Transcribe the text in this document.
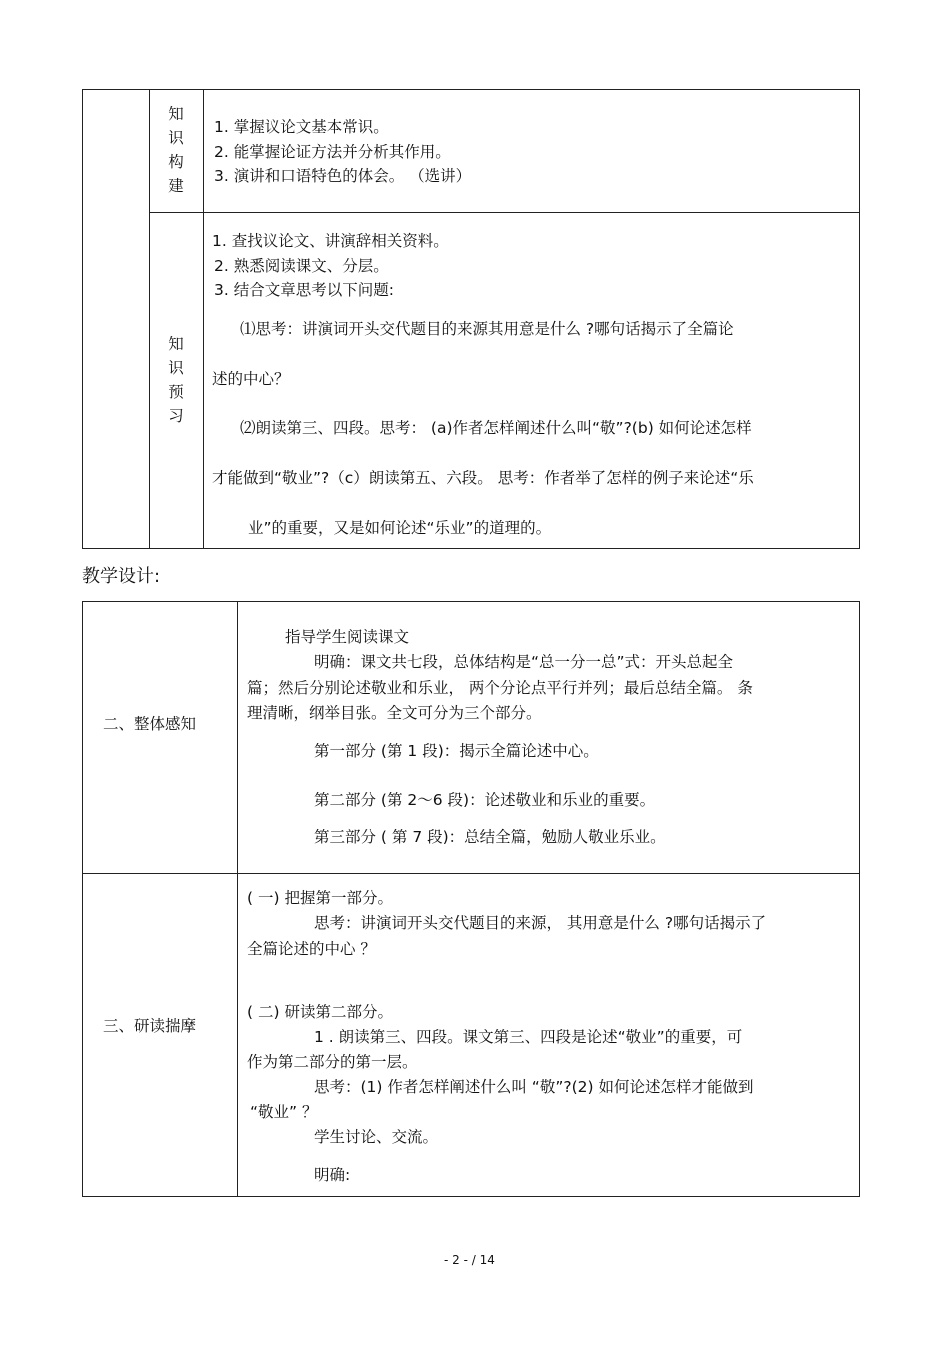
知
识
构
建
1. 掌握议论文基本常识。
2. 能掌握论证方法并分析其作用。
3. 演讲和口语特色的体会。 （选讲）
知
识
预
习
1. 查找议论文、讲演辞相关资料。
2. 熟悉阅读课文、分层。
3. 结合文章思考以下问题:
⑴思考：讲演词开头交代题目的来源其用意是什么 ?哪句话揭示了全篇论
述的中心？
⑵朗读第三、四段。思考： (a)作者怎样阐述什么叫“敬”?(b) 如何论述怎样
才能做到“敬业”?（c）朗读第五、六段。 思考：作者举了怎样的例子来论述“乐
业”的重要，又是如何论述“乐业”的道理的。
教学设计:
二、整体感知
指导学生阅读课文
明确：课文共七段，总体结构是“总一分一总”式：开头总起全
篇；然后分别论述敬业和乐业， 两个分论点平行并列；最后总结全篇。 条
理清晰，纲举目张。全文可分为三个部分。
第一部分 (第 1 段)：揭示全篇论述中心。
第二部分 (第 2～6 段)：论述敬业和乐业的重要。
第三部分 ( 第 7 段)：总结全篇，勉励人敬业乐业。
三、研读揣摩
( 一) 把握第一部分。
思考：讲演词开头交代题目的来源， 其用意是什么 ?哪句话揭示了
全篇论述的中心 ？
( 二) 研读第二部分。
1 . 朗读第三、四段。课文第三、四段是论述“敬业”的重要，可
作为第二部分的第一层。
思考：(1) 作者怎样阐述什么叫 “敬”?(2) 如何论述怎样才能做到
“敬业” ？
学生讨论、交流。
明确:
- 2 - / 14
